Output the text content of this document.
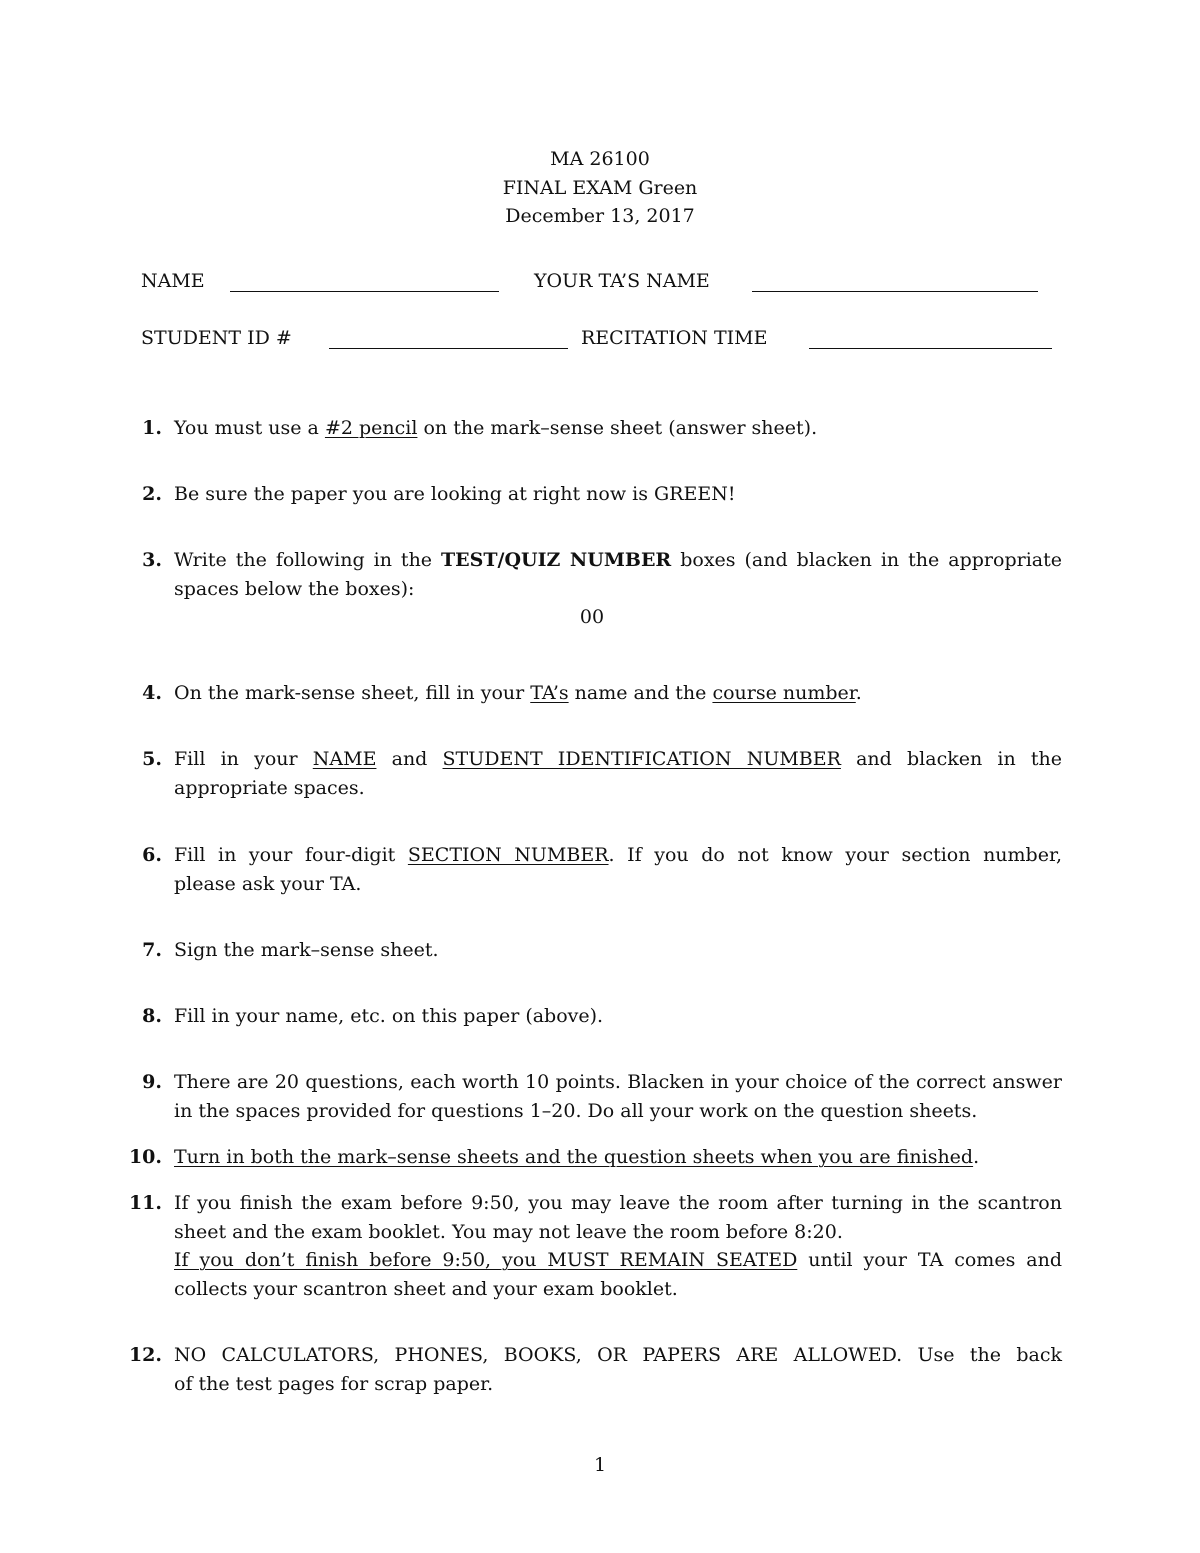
MA 26100
FINAL EXAM Green
December 13, 2017
NAME	YOUR TA’S NAME
STUDENT ID #	RECITATION TIME
1. You must use a #2 pencil on the mark–sense sheet (answer sheet).
2. Be sure the paper you are looking at right now is GREEN!
3. Write the following in the TEST/QUIZ NUMBER boxes (and blacken in the appropriate
spaces below the boxes):
00
4. On the mark-sense sheet, fill in your TA’s name and the course number.
5. Fill in your NAME and STUDENT IDENTIFICATION NUMBER and blacken in the
appropriate spaces.
6. Fill in your four-digit SECTION NUMBER. If you do not know your section number,
please ask your TA.
7. Sign the mark–sense sheet.
8. Fill in your name, etc. on this paper (above).
9. There are 20 questions, each worth 10 points. Blacken in your choice of the correct answer
in the spaces provided for questions 1–20. Do all your work on the question sheets.
10. Turn in both the mark–sense sheets and the question sheets when you are finished.
11. If you finish the exam before 9:50, you may leave the room after turning in the scantron
sheet and the exam booklet. You may not leave the room before 8:20.
If you don’t finish before 9:50, you MUST REMAIN SEATED until your TA comes and
collects your scantron sheet and your exam booklet.
12. NO CALCULATORS, PHONES, BOOKS, OR PAPERS ARE ALLOWED. Use the back
of the test pages for scrap paper.
1
